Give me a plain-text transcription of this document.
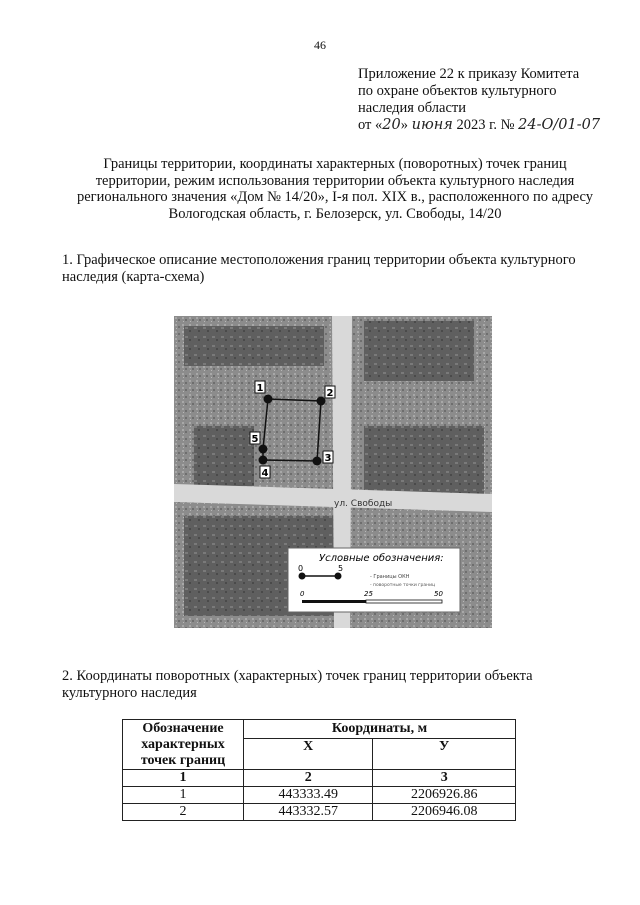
46
Приложение 22 к приказу Комитета
по охране объектов культурного
наследия области
от «20» июня 2023 г. № 24-О/01-07
Границы территории, координаты характерных (поворотных) точек границ
территории, режим использования территории объекта культурного наследия
регионального значения «Дом № 14/20», I-я пол. XIX в., расположенного по адресу
Вологодская область, г. Белозерск, ул. Свободы, 14/20
1. Графическое описание местоположения границ территории объекта культурного
наследия (карта-схема)
ул. Свободы
1	2
3
4
5
Условные обозначения:
0	5
- Границы ОКН
- поворотные точки границ
0	25	50
2. Координаты поворотных (характерных) точек границ территории объекта
культурного наследия
Обозначение характерных точек границ	Координаты, м	
	X	У
1	2	3
1	443333.49	2206926.86
2	443332.57	2206946.08
